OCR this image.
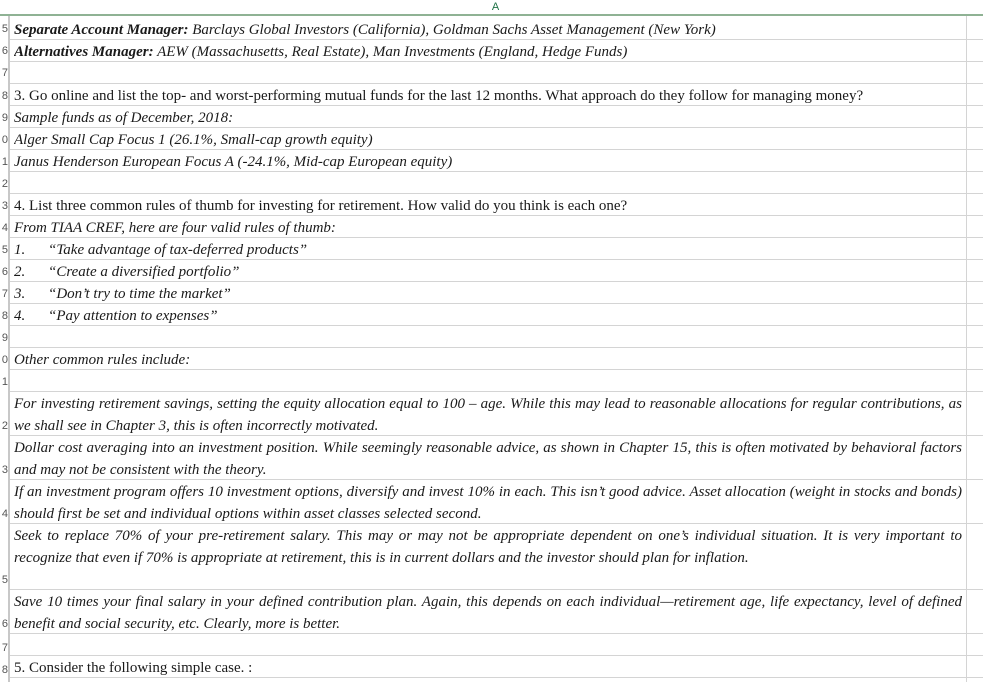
A
5
6
7
8
9
0
1
2
3
4
5
6
7
8
9
0
1
2
3
4
5
6
7
8
Separate Account Manager: Barclays Global Investors (California), Goldman Sachs Asset Management (New York)
Alternatives Manager: AEW (Massachusetts, Real Estate), Man Investments (England, Hedge Funds)
3. Go online and list the top- and worst-performing mutual funds for the last 12 months. What approach do they follow for managing money?
Sample funds as of December, 2018:
Alger Small Cap Focus 1 (26.1%, Small-cap growth equity)
Janus Henderson European Focus A (-24.1%, Mid-cap European equity)
4. List three common rules of thumb for investing for retirement. How valid do you think is each one?
From TIAA CREF, here are four valid rules of thumb:
1. “Take advantage of tax-deferred products”
2. “Create a diversified portfolio”
3. “Don’t try to time the market”
4. “Pay attention to expenses”
Other common rules include:
For investing retirement savings, setting the equity allocation equal to 100 – age. While this may lead to reasonable allocations for regular contributions, as we shall see in Chapter 3, this is often incorrectly motivated.
Dollar cost averaging into an investment position. While seemingly reasonable advice, as shown in Chapter 15, this is often motivated by behavioral factors and may not be consistent with the theory.
If an investment program offers 10 investment options, diversify and invest 10% in each. This isn’t good advice. Asset allocation (weight in stocks and bonds) should first be set and individual options within asset classes selected second.
Seek to replace 70% of your pre-retirement salary. This may or may not be appropriate dependent on one’s individual situation. It is very important to recognize that even if 70% is appropriate at retirement, this is in current dollars and the investor should plan for inflation.
Save 10 times your final salary in your defined contribution plan. Again, this depends on each individual—retirement age, life expectancy, level of defined benefit and social security, etc. Clearly, more is better.
5. Consider the following simple case. :
